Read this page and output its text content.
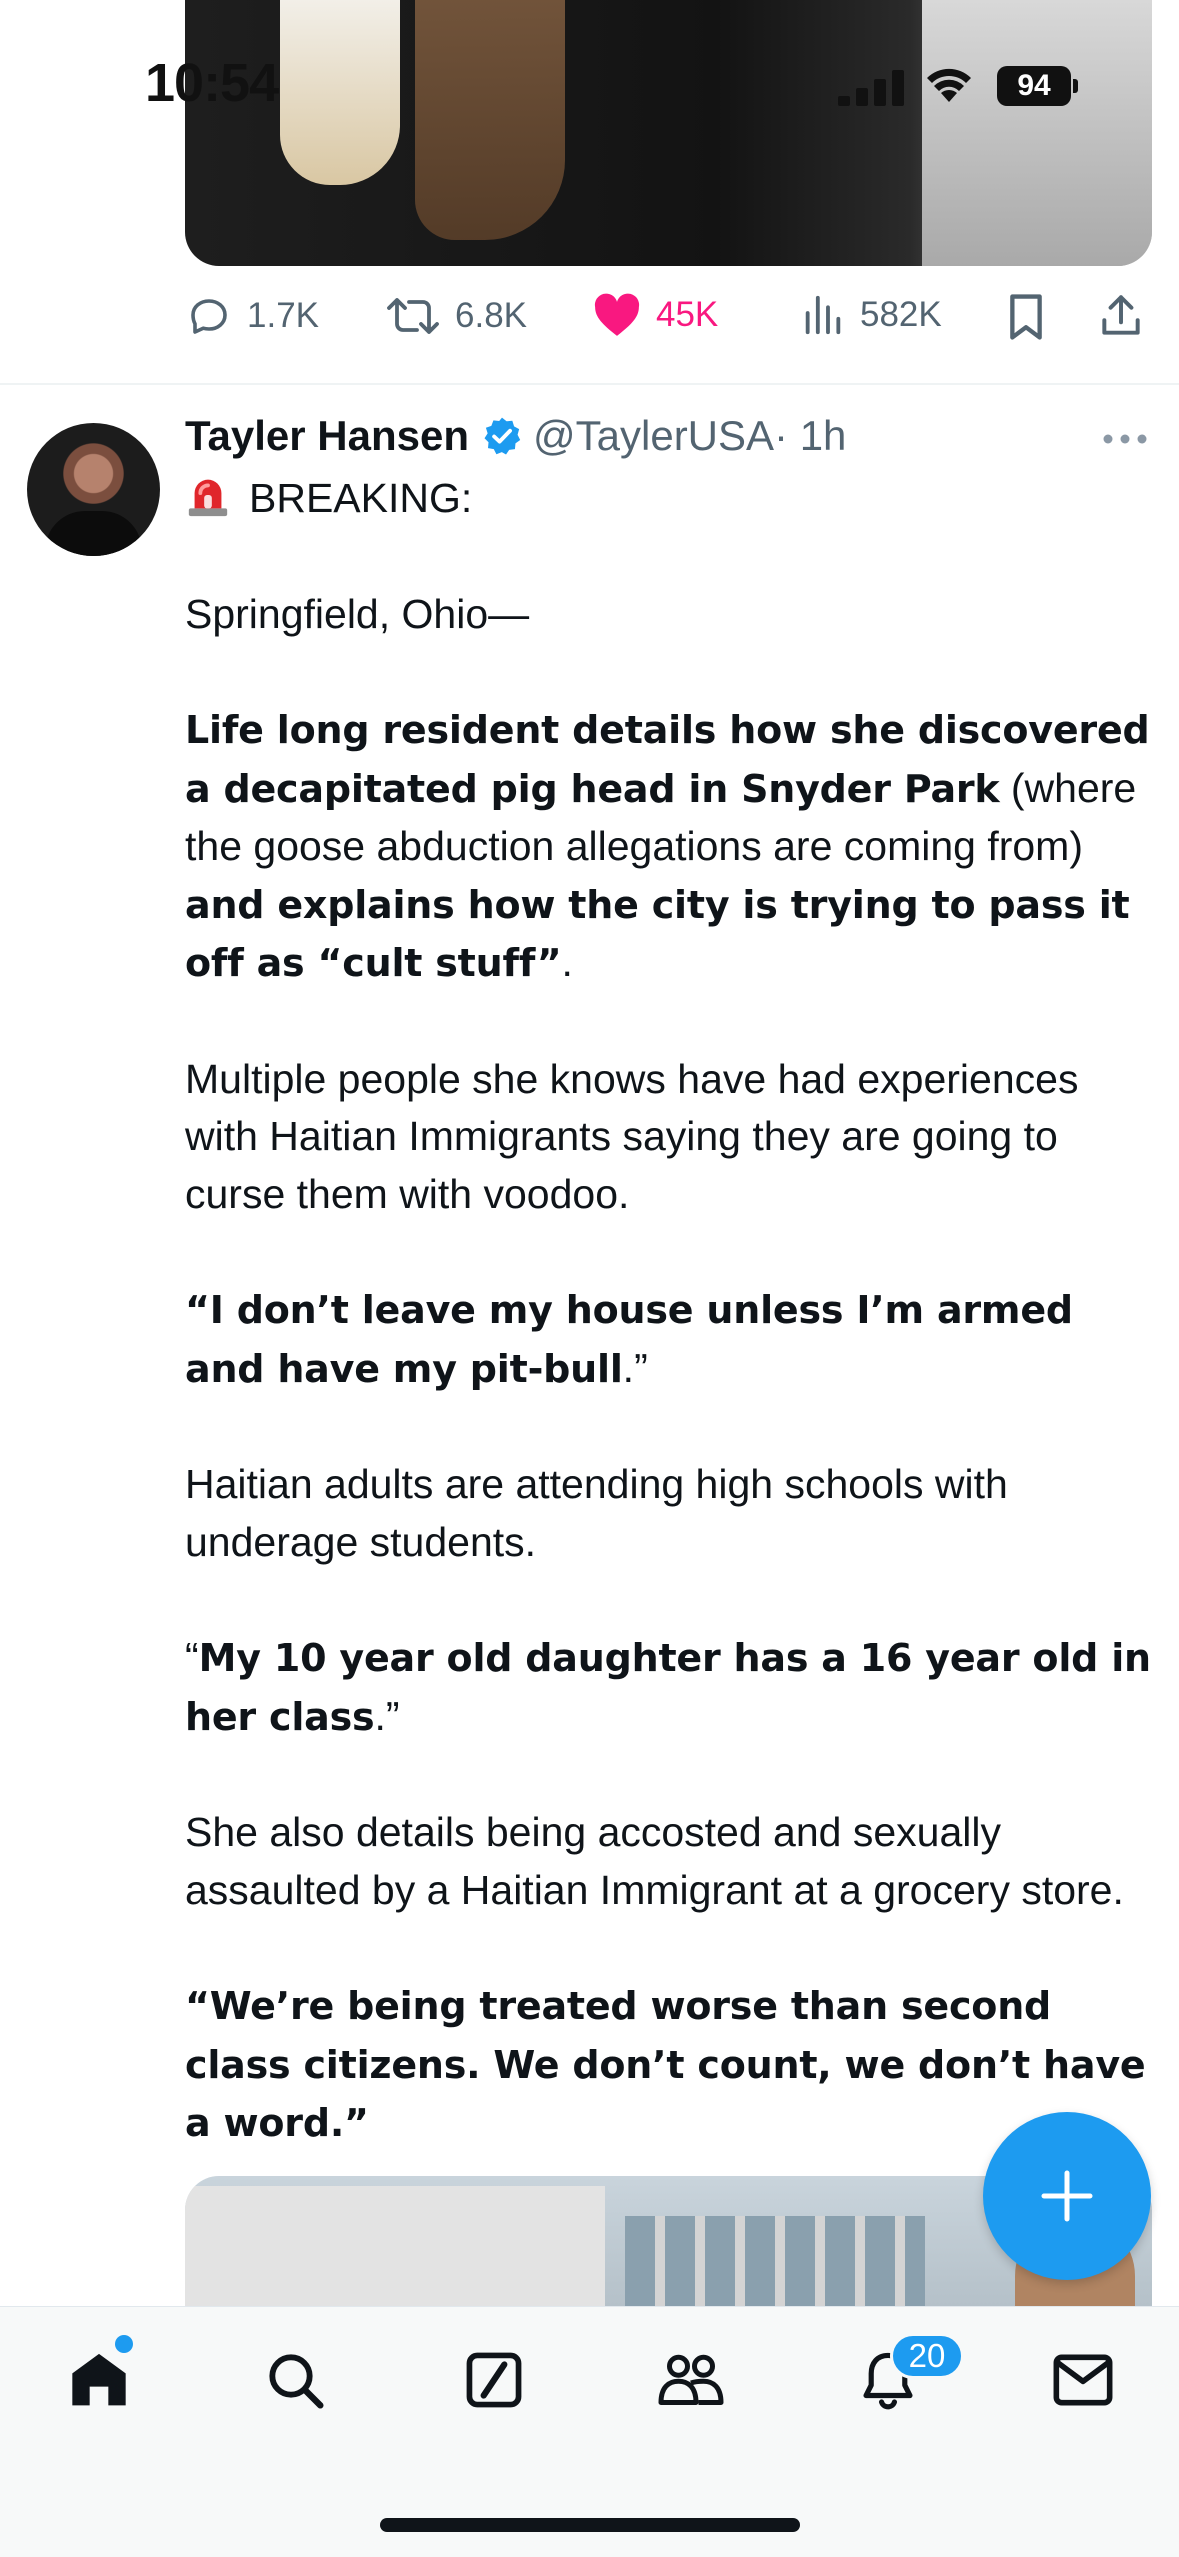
10:54	94
1.7K	6.8K	45K	582K
Tayler Hansen @TaylerUSA · 1h

BREAKING:

Springfield, Ohio—

Life long resident details how she discovered a decapitated pig head in Snyder Park (where the goose abduction allegations are coming from) and explains how the city is trying to pass it off as “cult stuff”.

Multiple people she knows have had experiences with Haitian Immigrants saying they are going to curse them with voodoo.

“I don’t leave my house unless I’m armed and have my pit-bull.”

Haitian adults are attending high schools with underage students.

“My 10 year old daughter has a 16 year old in her class.”

She also details being accosted and sexually assaulted by a Haitian Immigrant at a grocery store.

“We’re being treated worse than second class citizens. We don’t count, we don’t have a word.”

20
